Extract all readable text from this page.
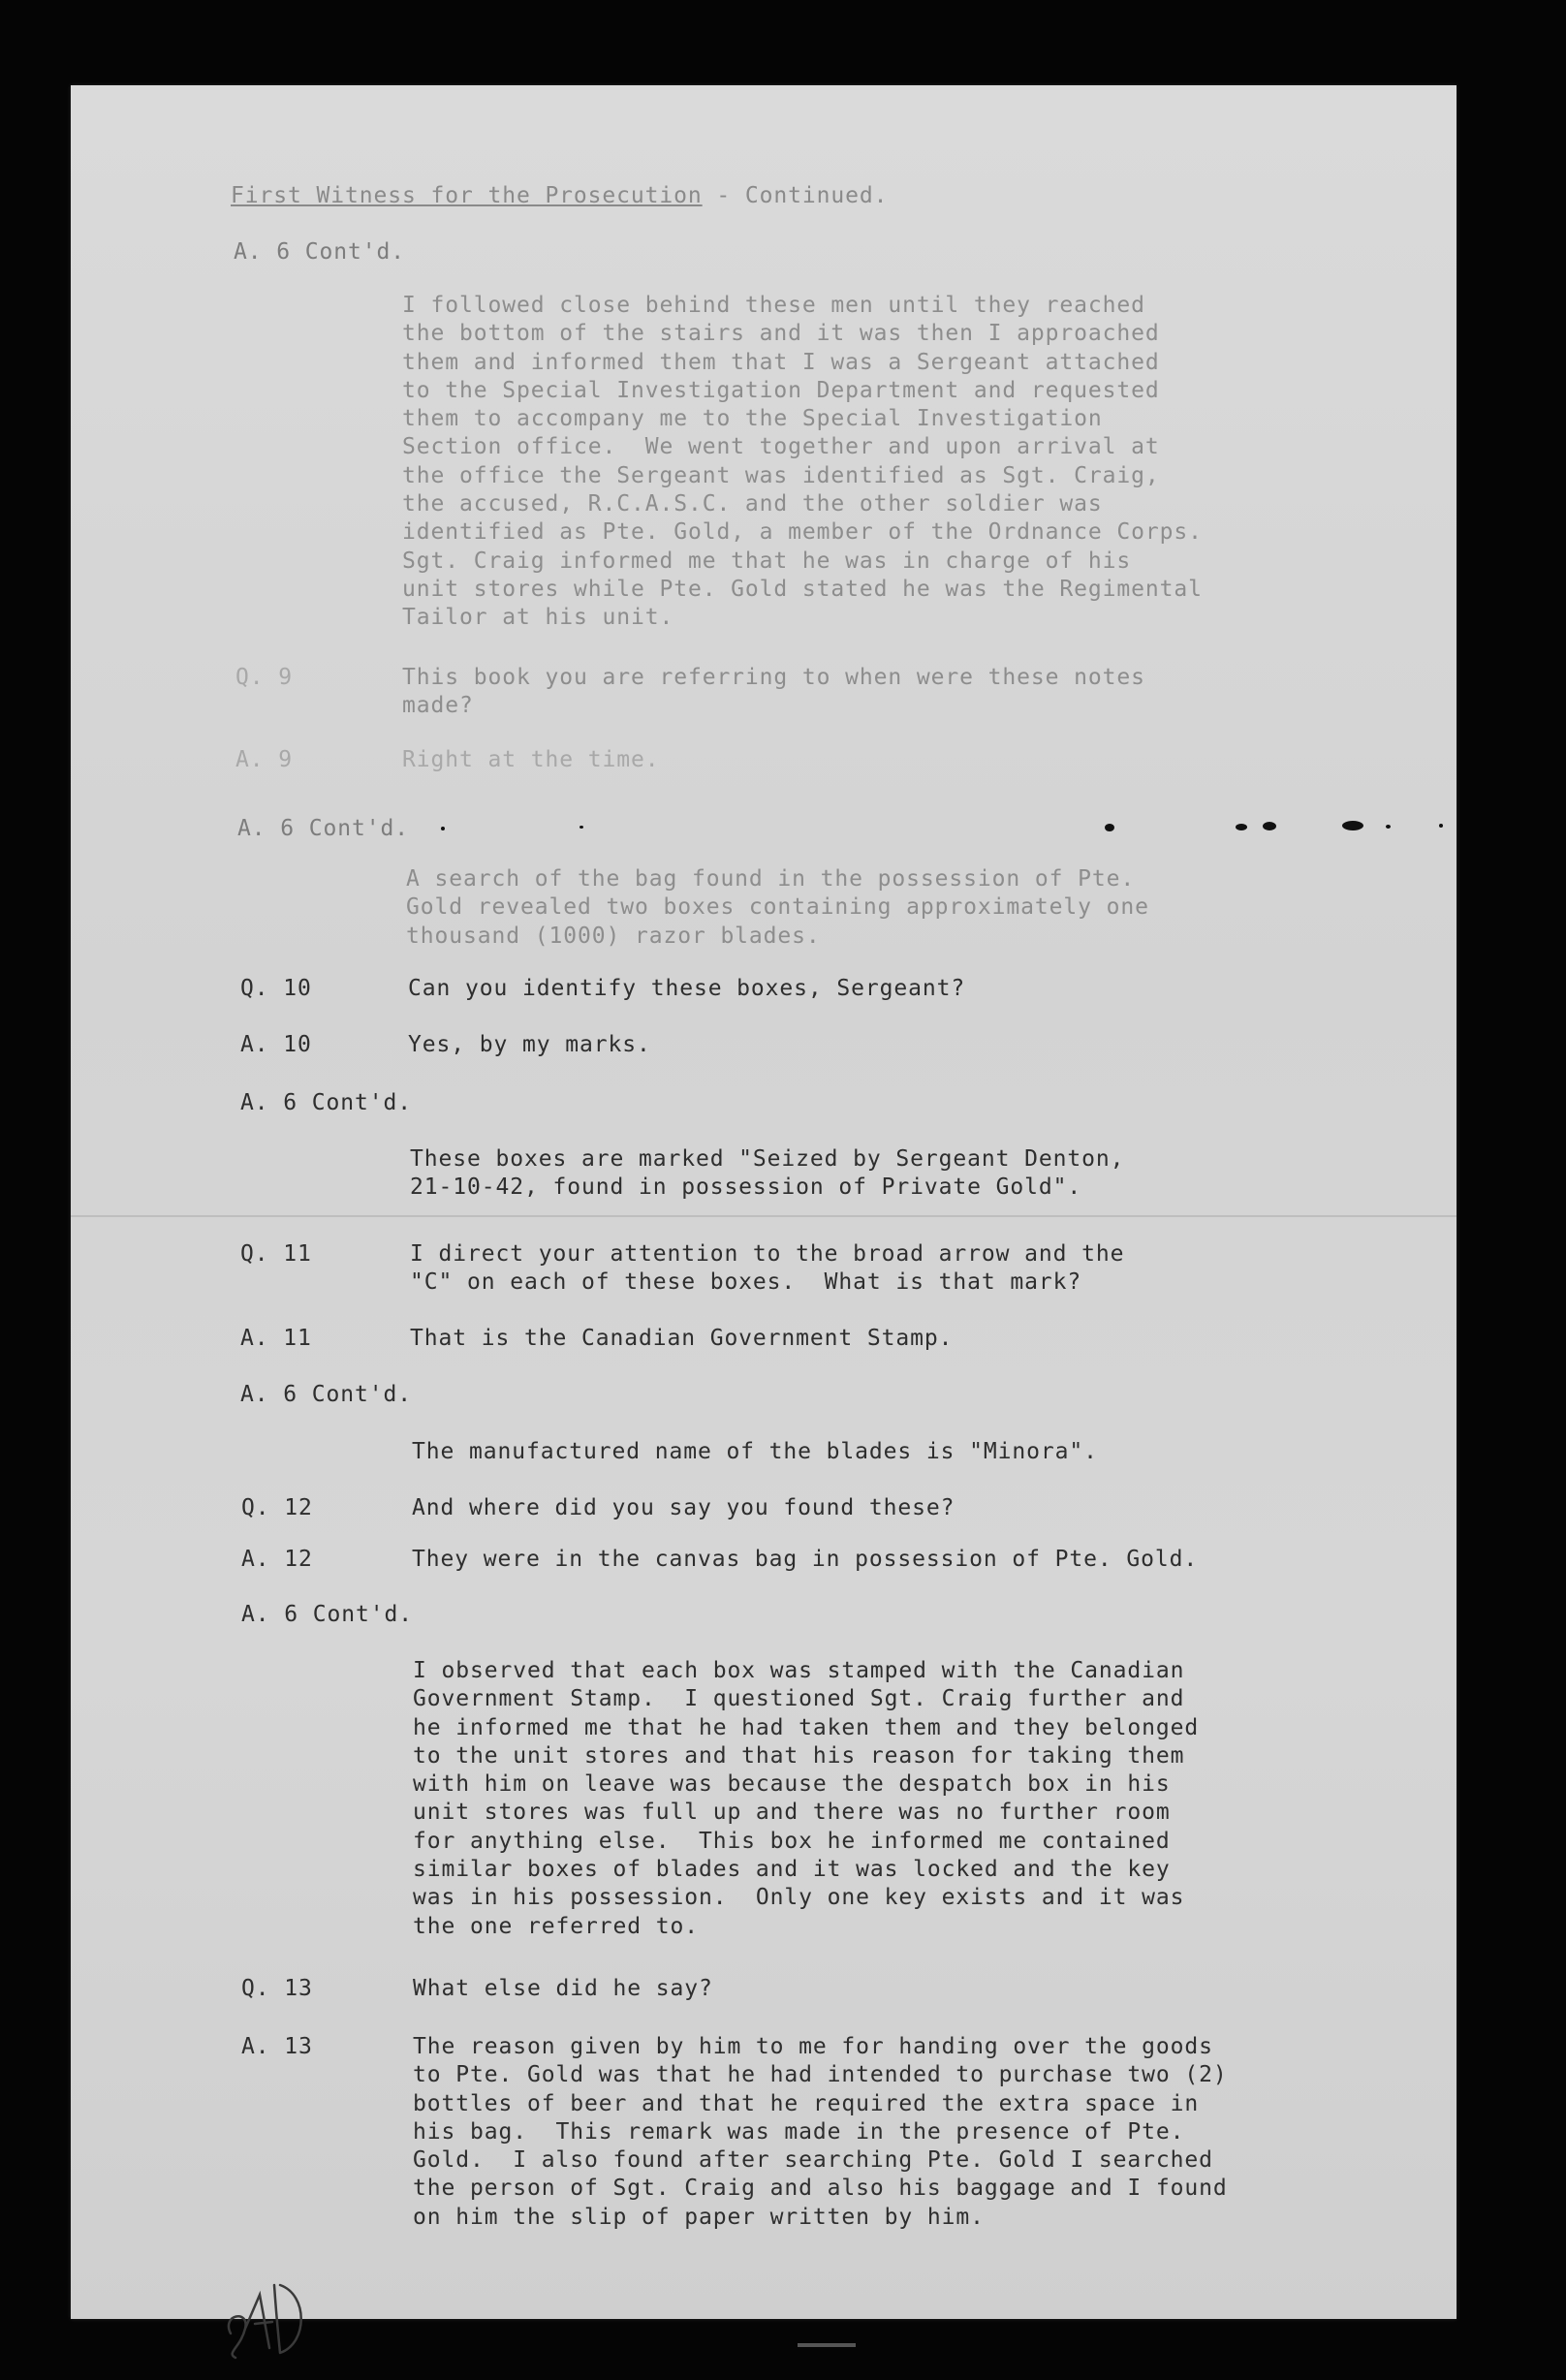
First Witness for the Prosecution - Continued.
A. 6 Cont'd.
I followed close behind these men until they reached
the bottom of the stairs and it was then I approached
them and informed them that I was a Sergeant attached
to the Special Investigation Department and requested
them to accompany me to the Special Investigation
Section office.  We went together and upon arrival at
the office the Sergeant was identified as Sgt. Craig,
the accused, R.C.A.S.C. and the other soldier was
identified as Pte. Gold, a member of the Ordnance Corps.
Sgt. Craig informed me that he was in charge of his
unit stores while Pte. Gold stated he was the Regimental
Tailor at his unit.
Q. 9	This book you are referring to when were these notes
made?
A. 9	Right at the time.
A. 6 Cont'd.
A search of the bag found in the possession of Pte.
Gold revealed two boxes containing approximately one
thousand (1000) razor blades.
Q. 10	Can you identify these boxes, Sergeant?
A. 10	Yes, by my marks.
A. 6 Cont'd.
These boxes are marked "Seized by Sergeant Denton,
21-10-42, found in possession of Private Gold".
Q. 11	I direct your attention to the broad arrow and the
"C" on each of these boxes.  What is that mark?
A. 11	That is the Canadian Government Stamp.
A. 6 Cont'd.
The manufactured name of the blades is "Minora".
Q. 12	And where did you say you found these?
A. 12	They were in the canvas bag in possession of Pte. Gold.
A. 6 Cont'd.
I observed that each box was stamped with the Canadian
Government Stamp.  I questioned Sgt. Craig further and
he informed me that he had taken them and they belonged
to the unit stores and that his reason for taking them
with him on leave was because the despatch box in his
unit stores was full up and there was no further room
for anything else.  This box he informed me contained
similar boxes of blades and it was locked and the key
was in his possession.  Only one key exists and it was
the one referred to.
Q. 13	What else did he say?
A. 13	The reason given by him to me for handing over the goods
to Pte. Gold was that he had intended to purchase two (2)
bottles of beer and that he required the extra space in
his bag.  This remark was made in the presence of Pte.
Gold.  I also found after searching Pte. Gold I searched
the person of Sgt. Craig and also his baggage and I found
on him the slip of paper written by him.
